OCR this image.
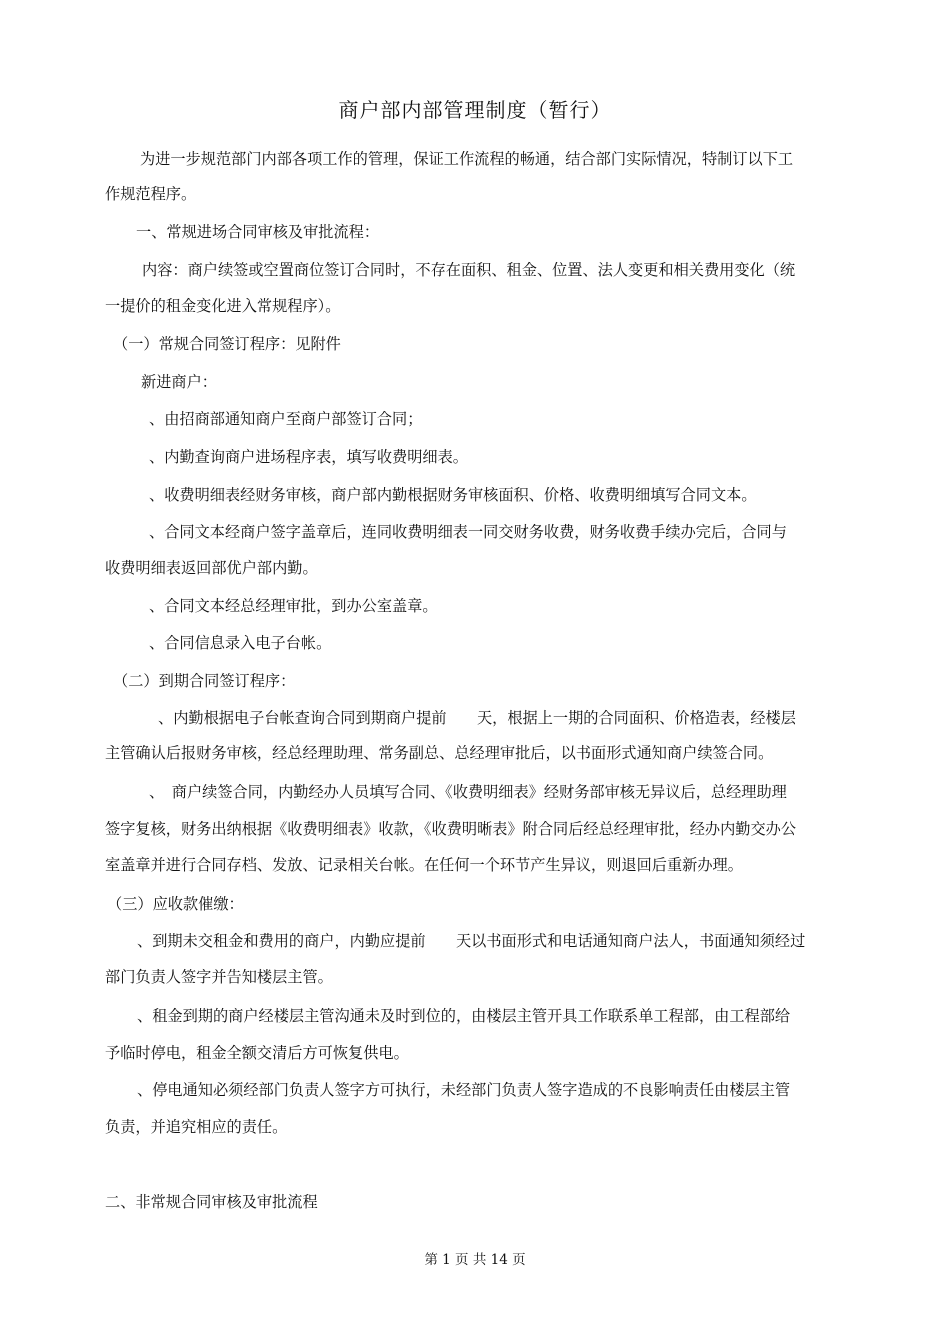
商户部内部管理制度（暂行）
为进一步规范部门内部各项工作的管理，保证工作流程的畅通，结合部门实际情况，特制订以下工
作规范程序。
一、常规进场合同审核及审批流程：
内容：商户续签或空置商位签订合同时，不存在面积、租金、位置、法人变更和相关费用变化（统
一提价的租金变化进入常规程序）。
（一）常规合同签订程序：见附件
新进商户：
、由招商部通知商户至商户部签订合同；
、内勤查询商户进场程序表，填写收费明细表。
、收费明细表经财务审核，商户部内勤根据财务审核面积、价格、收费明细填写合同文本。
、合同文本经商户签字盖章后，连同收费明细表一同交财务收费，财务收费手续办完后，合同与
收费明细表返回部优户部内勤。
、合同文本经总经理审批，到办公室盖章。
、合同信息录入电子台帐。
（二）到期合同签订程序：
、内勤根据电子台帐查询合同到期商户提前　　天，根据上一期的合同面积、价格造表，经楼层
主管确认后报财务审核，经总经理助理、常务副总、总经理审批后，以书面形式通知商户续签合同。
、　商户续签合同，内勤经办人员填写合同、《收费明细表》经财务部审核无异议后，总经理助理
签字复核，财务出纳根据《收费明细表》收款，《收费明晰表》附合同后经总经理审批，经办内勤交办公
室盖章并进行合同存档、发放、记录相关台帐。在任何一个环节产生异议，则退回后重新办理。
（三）应收款催缴：
、到期未交租金和费用的商户，内勤应提前　　天以书面形式和电话通知商户法人，书面通知须经过
部门负责人签字并告知楼层主管。
、租金到期的商户经楼层主管沟通未及时到位的，由楼层主管开具工作联系单工程部，由工程部给
予临时停电，租金全额交清后方可恢复供电。
、停电通知必须经部门负责人签字方可执行，未经部门负责人签字造成的不良影响责任由楼层主管
负责，并追究相应的责任。
二、非常规合同审核及审批流程
第 1 页 共 14 页
